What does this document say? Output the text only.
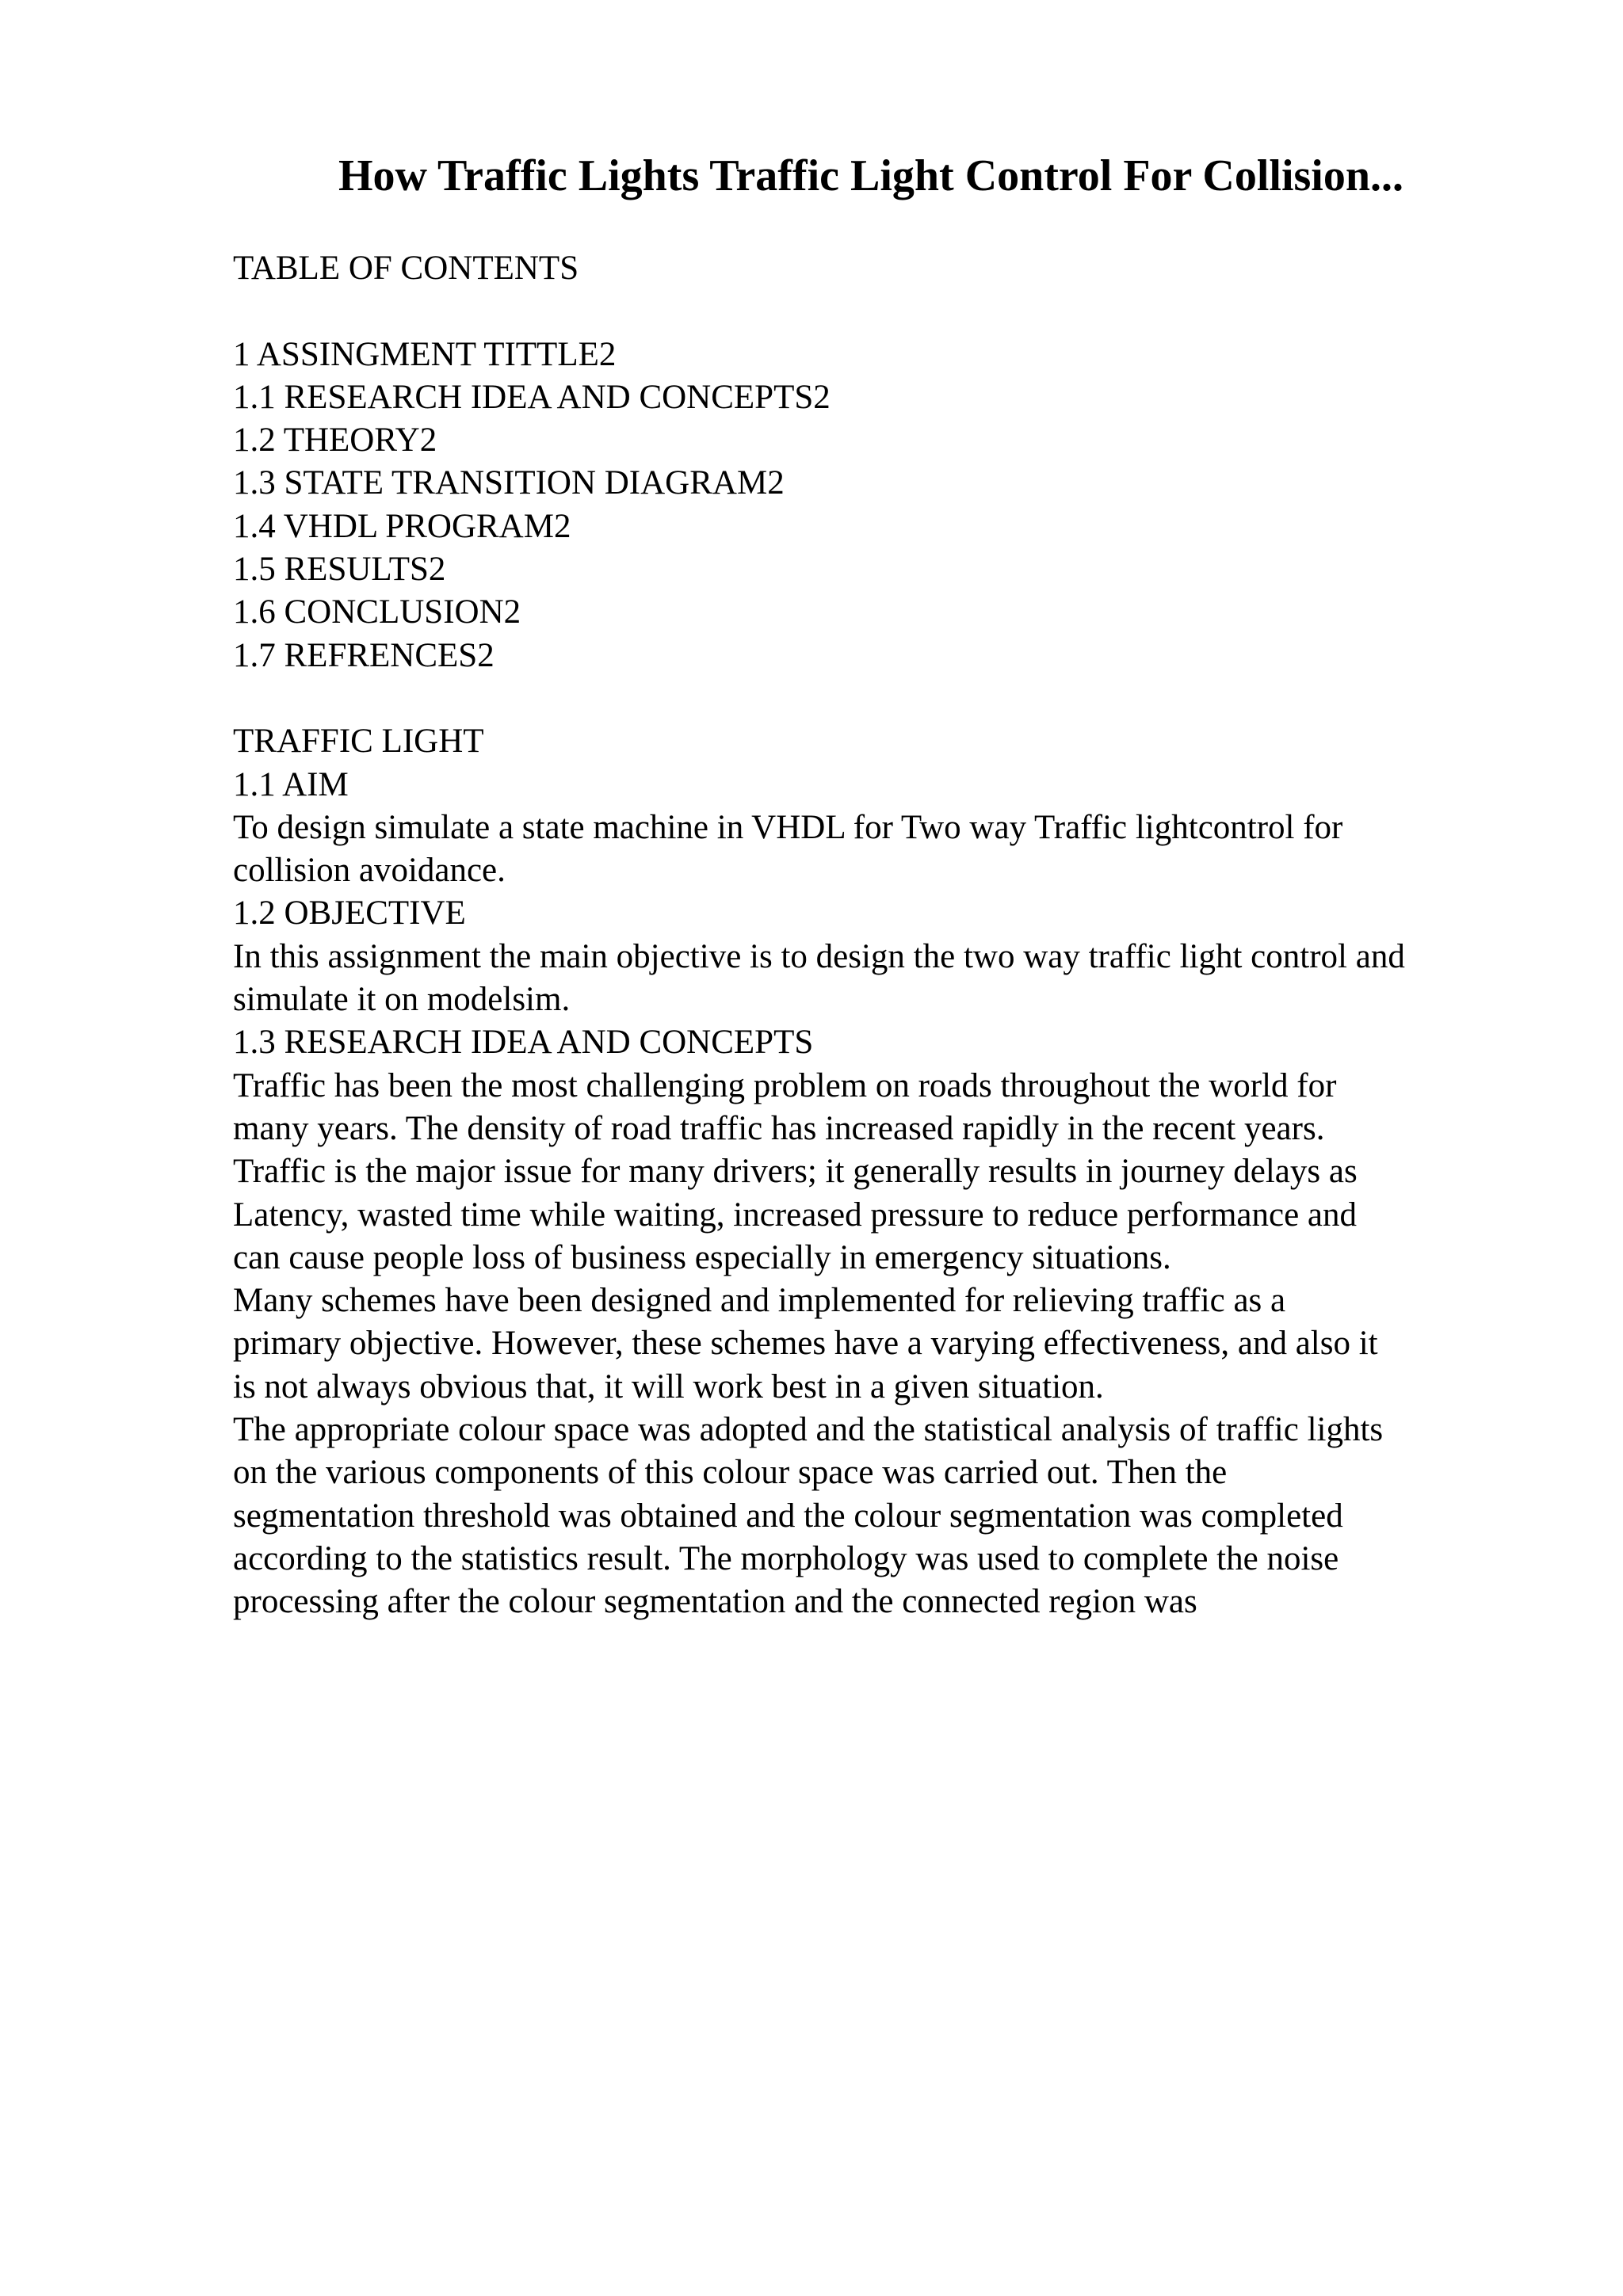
How Traffic Lights Traffic Light Control For Collision...
TABLE OF CONTENTS
1 ASSINGMENT TITTLE2
1.1 RESEARCH IDEA AND CONCEPTS2
1.2 THEORY2
1.3 STATE TRANSITION DIAGRAM2
1.4 VHDL PROGRAM2
1.5 RESULTS2
1.6 CONCLUSION2
1.7 REFRENCES2
TRAFFIC LIGHT
1.1 AIM
To design simulate a state machine in VHDL for Two way Traffic lightcontrol for
collision avoidance.
1.2 OBJECTIVE
In this assignment the main objective is to design the two way traffic light control and
simulate it on modelsim.
1.3 RESEARCH IDEA AND CONCEPTS
Traffic has been the most challenging problem on roads throughout the world for
many years. The density of road traffic has increased rapidly in the recent years.
Traffic is the major issue for many drivers; it generally results in journey delays as
Latency, wasted time while waiting, increased pressure to reduce performance and
can cause people loss of business especially in emergency situations.
Many schemes have been designed and implemented for relieving traffic as a
primary objective. However, these schemes have a varying effectiveness, and also it
is not always obvious that, it will work best in a given situation.
The appropriate colour space was adopted and the statistical analysis of traffic lights
on the various components of this colour space was carried out. Then the
segmentation threshold was obtained and the colour segmentation was completed
according to the statistics result. The morphology was used to complete the noise
processing after the colour segmentation and the connected region was
